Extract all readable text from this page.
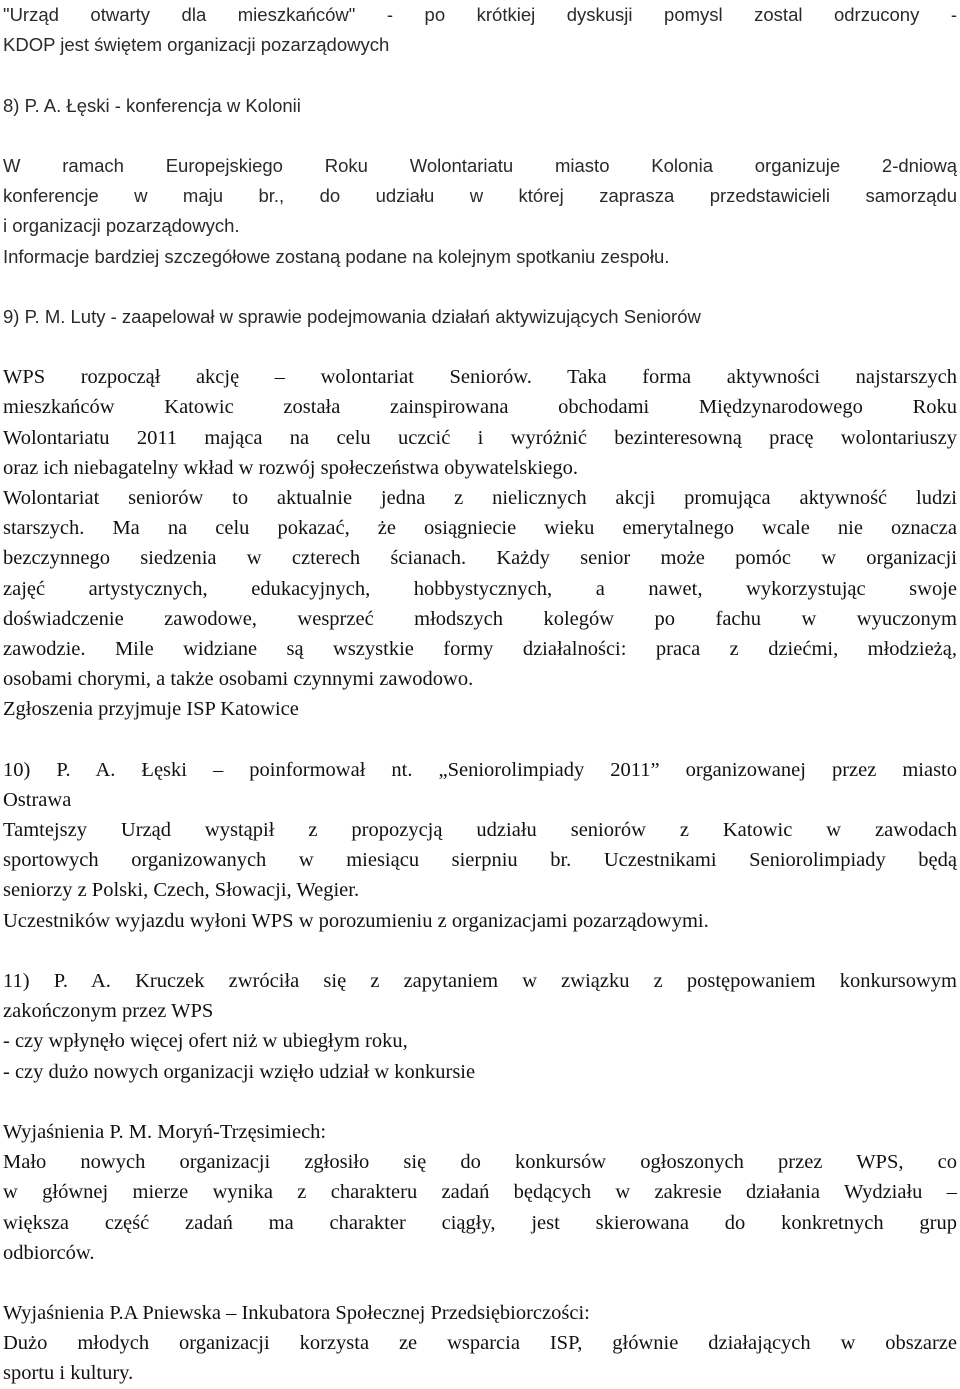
"Urząd otwarty dla mieszkańców" - po krótkiej dyskusji pomysl zostal odrzucony -
KDOP jest świętem organizacji pozarządowych
8) P. A. Łęski - konferencja w Kolonii
W ramach Europejskiego Roku Wolontariatu miasto Kolonia organizuje 2-dniową
konferencje w maju br., do udziału w której zaprasza przedstawicieli samorządu
i organizacji pozarządowych.
Informacje bardziej szczegółowe zostaną podane na kolejnym spotkaniu zespołu.
9) P. M. Luty - zaapelował w sprawie podejmowania działań aktywizujących Seniorów
WPS rozpoczął akcję – wolontariat Seniorów. Taka forma aktywności najstarszych
mieszkańców Katowic została zainspirowana obchodami Międzynarodowego Roku
Wolontariatu 2011 mająca na celu uczcić i wyróżnić bezinteresowną pracę wolontariuszy
oraz ich niebagatelny wkład w rozwój społeczeństwa obywatelskiego.
Wolontariat seniorów to aktualnie jedna z nielicznych akcji promująca aktywność ludzi
starszych. Ma na celu pokazać, że osiągniecie wieku emerytalnego wcale nie oznacza
bezczynnego siedzenia w czterech ścianach. Każdy senior może pomóc w organizacji
zajęć artystycznych, edukacyjnych, hobbystycznych, a nawet, wykorzystując swoje
doświadczenie zawodowe, wesprzeć młodszych kolegów po fachu w wyuczonym
zawodzie. Mile widziane są wszystkie formy działalności: praca z dziećmi, młodzieżą,
osobami chorymi, a także osobami czynnymi zawodowo.
Zgłoszenia przyjmuje ISP Katowice
10) P. A. Łęski – poinformował nt. „Seniorolimpiady 2011” organizowanej przez miasto
Ostrawa
Tamtejszy Urząd wystąpił z propozycją udziału seniorów z Katowic w zawodach
sportowych organizowanych w miesiącu sierpniu br. Uczestnikami Seniorolimpiady będą
seniorzy z Polski, Czech, Słowacji, Wegier.
Uczestników wyjazdu wyłoni WPS w porozumieniu z organizacjami pozarządowymi.
11) P. A. Kruczek zwróciła się z zapytaniem w związku z postępowaniem konkursowym
zakończonym przez WPS
- czy wpłynęło więcej ofert niż w ubiegłym roku,
- czy dużo nowych organizacji wzięło udział w konkursie
Wyjaśnienia P. M. Moryń-Trzęsimiech:
Mało nowych organizacji zgłosiło się do konkursów ogłoszonych przez WPS, co
w głównej mierze wynika z charakteru zadań będących w zakresie działania Wydziału –
większa część zadań ma charakter ciągły, jest skierowana do konkretnych grup
odbiorców.
Wyjaśnienia P.A Pniewska – Inkubatora Społecznej Przedsiębiorczości:
Dużo młodych organizacji korzysta ze wsparcia ISP, głównie działających w obszarze
sportu i kultury.
